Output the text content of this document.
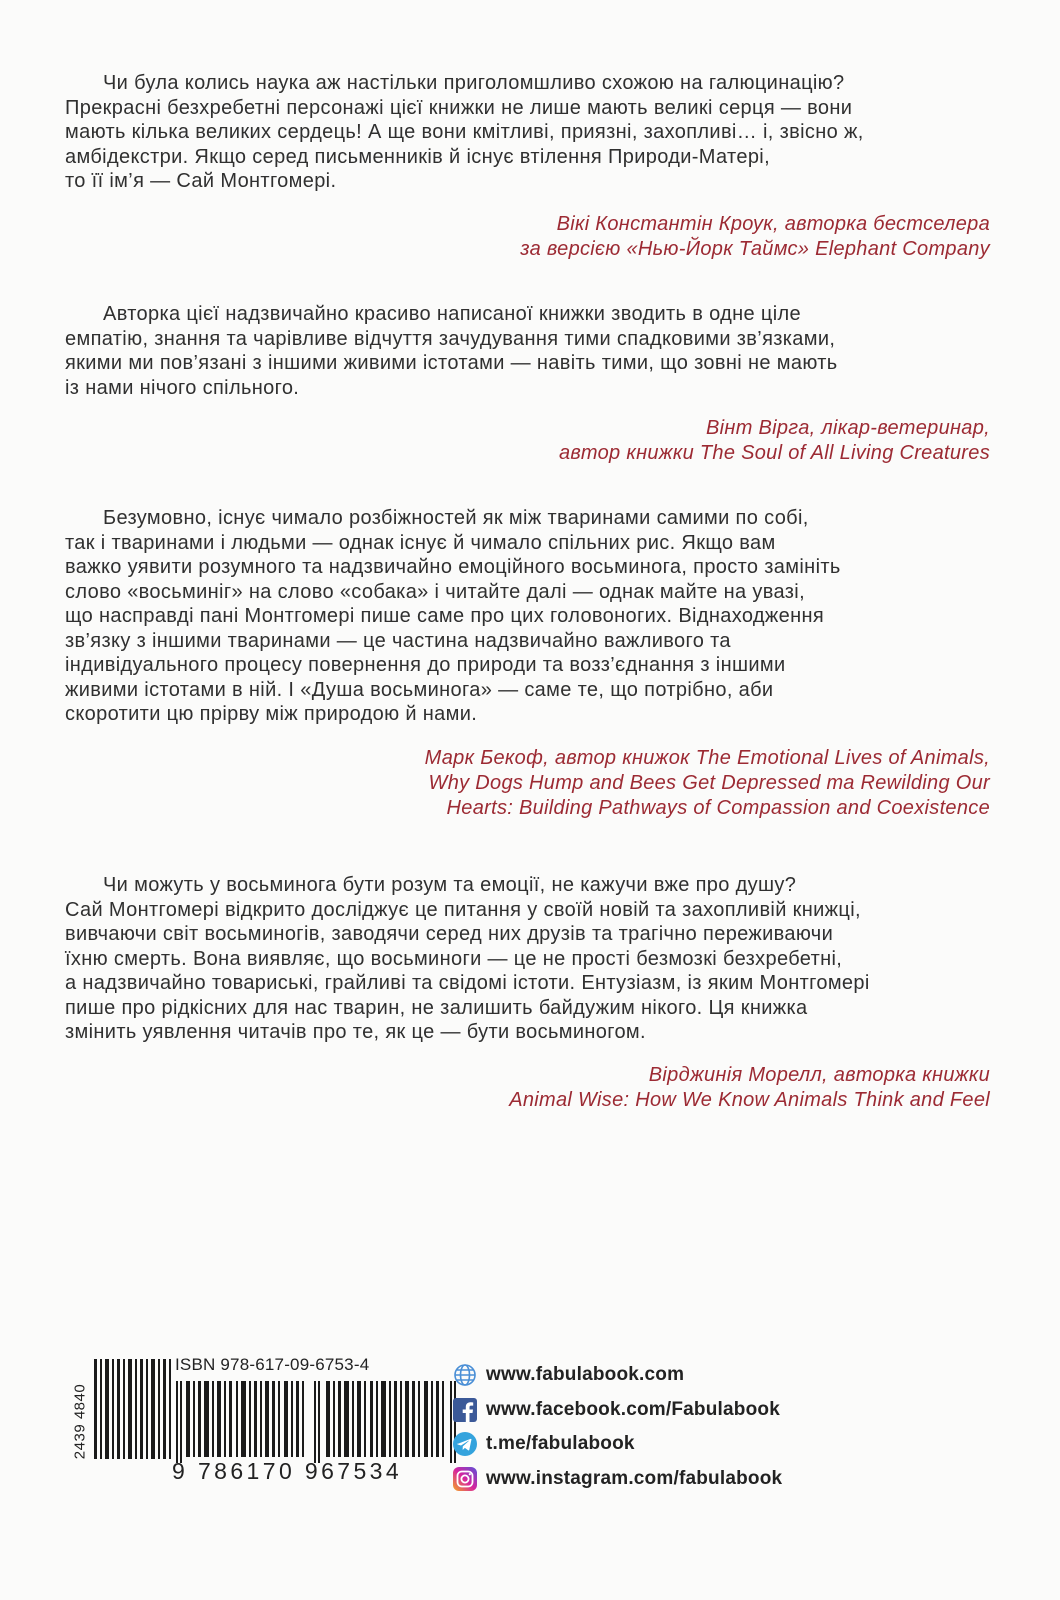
Чи була колись наука аж настільки приголомшливо схожою на галюцинацію?
Прекрасні безхребетні персонажі цієї книжки не лише мають великі серця — вони
мають кілька великих сердець! А ще вони кмітливі, приязні, захопливі… і, звісно ж,
амбідекстри. Якщо серед письменників й існує втілення Природи-Матері,
то її ім’я — Сай Монтгомері.
Вікі Константін Кроук, авторка бестселера
за версією «Нью-Йорк Таймс» Elephant Company
Авторка цієї надзвичайно красиво написаної книжки зводить в одне ціле
емпатію, знання та чарівливе відчуття зачудування тими спадковими зв’язками,
якими ми пов’язані з іншими живими істотами — навіть тими, що зовні не мають
із нами нічого спільного.
Вінт Вірга, лікар-ветеринар,
автор книжки The Soul of All Living Creatures
Безумовно, існує чимало розбіжностей як між тваринами самими по собі,
так і тваринами і людьми — однак існує й чимало спільних рис. Якщо вам
важко уявити розумного та надзвичайно емоційного восьминога, просто замініть
слово «восьминіг» на слово «собака» і читайте далі — однак майте на увазі,
що насправді пані Монтгомері пише саме про цих головоногих. Віднаходження
зв’язку з іншими тваринами — це частина надзвичайно важливого та
індивідуального процесу повернення до природи та возз’єднання з іншими
живими істотами в ній. І «Душа восьминога» — саме те, що потрібно, аби
скоротити цю прірву між природою й нами.
Марк Бекоф, автор книжок The Emotional Lives of Animals,
Why Dogs Hump and Bees Get Depressed та Rewilding Our
Hearts: Building Pathways of Compassion and Coexistence
Чи можуть у восьминога бути розум та емоції, не кажучи вже про душу?
Сай Монтгомері відкрито досліджує це питання у своїй новій та захопливій книжці,
вивчаючи світ восьминогів, заводячи серед них друзів та трагічно переживаючи
їхню смерть. Вона виявляє, що восьминоги — це не прості безмозкі безхребетні,
а надзвичайно товариські, грайливі та свідомі істоти. Ентузіазм, із яким Монтгомері
пише про рідкісних для нас тварин, не залишить байдужим нікого. Ця книжка
змінить уявлення читачів про те, як це — бути восьминогом.
Вірджинія Морелл, авторка книжки
Animal Wise: How We Know Animals Think and Feel
2439 4840
ISBN 978-617-09-6753-4
9 786170 967534
www.fabulabook.com
www.facebook.com/Fabulabook
t.me/fabulabook
www.instagram.com/fabulabook
